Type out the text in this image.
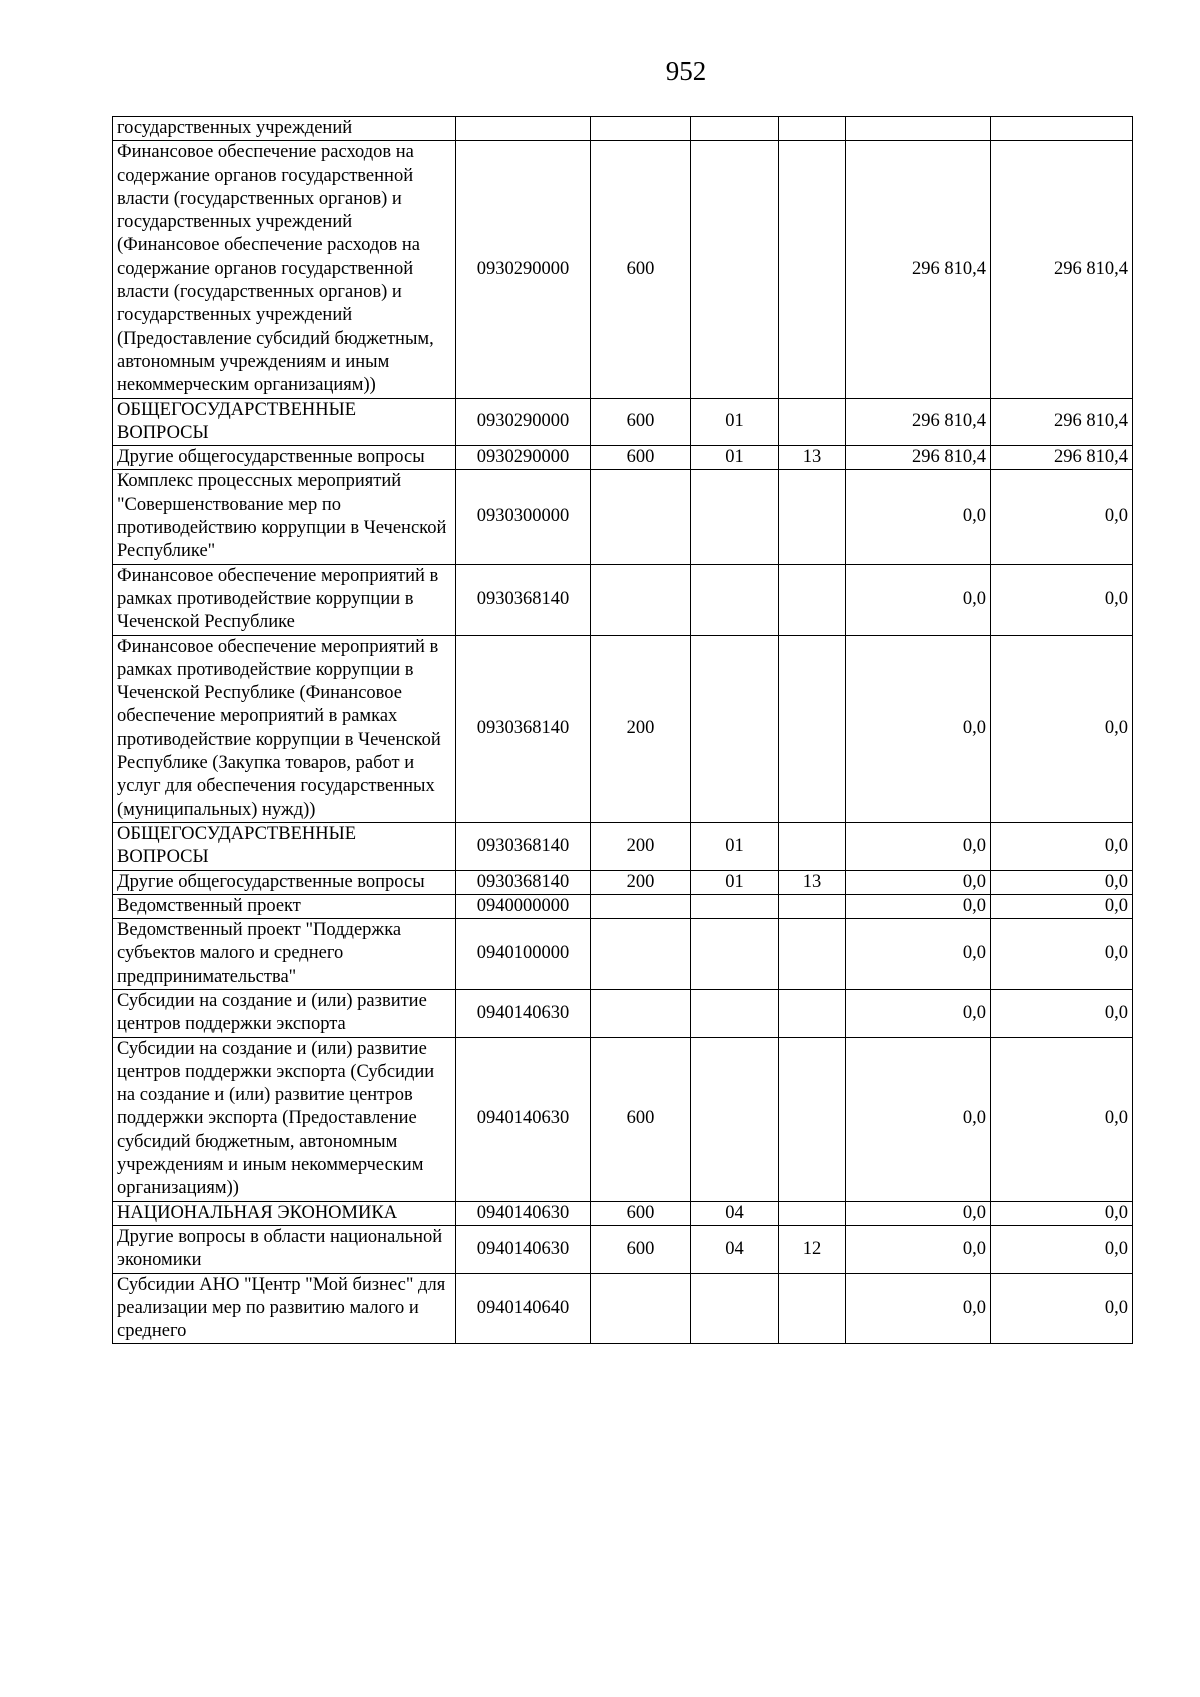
952
государственных учреждений						
Финансовое обеспечение расходов на содержание органов государственной власти (государственных органов) и государственных учреждений (Финансовое обеспечение расходов на содержание органов государственной власти (государственных органов) и государственных учреждений (Предоставление субсидий бюджетным, автономным учреждениям и иным некоммерческим организациям))	0930290000	600			296 810,4	296 810,4
ОБЩЕГОСУДАРСТВЕННЫЕ ВОПРОСЫ	0930290000	600	01		296 810,4	296 810,4
Другие общегосударственные вопросы	0930290000	600	01	13	296 810,4	296 810,4
Комплекс процессных мероприятий "Совершенствование мер по противодействию коррупции в Чеченской Республике"	0930300000				0,0	0,0
Финансовое обеспечение мероприятий в рамках противодействие коррупции в Чеченской Республике	0930368140				0,0	0,0
Финансовое обеспечение мероприятий в рамках противодействие коррупции в Чеченской Республике (Финансовое обеспечение мероприятий в рамках противодействие коррупции в Чеченской Республике (Закупка товаров, работ и услуг для обеспечения государственных (муниципальных) нужд))	0930368140	200			0,0	0,0
ОБЩЕГОСУДАРСТВЕННЫЕ ВОПРОСЫ	0930368140	200	01		0,0	0,0
Другие общегосударственные вопросы	0930368140	200	01	13	0,0	0,0
Ведомственный проект	0940000000				0,0	0,0
Ведомственный проект "Поддержка субъектов малого и среднего предпринимательства"	0940100000				0,0	0,0
Субсидии на создание и (или) развитие центров поддержки экспорта	0940140630				0,0	0,0
Субсидии на создание и (или) развитие центров поддержки экспорта (Субсидии на создание и (или) развитие центров поддержки экспорта (Предоставление субсидий бюджетным, автономным учреждениям и иным некоммерческим организациям))	0940140630	600			0,0	0,0
НАЦИОНАЛЬНАЯ ЭКОНОМИКА	0940140630	600	04		0,0	0,0
Другие вопросы в области национальной экономики	0940140630	600	04	12	0,0	0,0
Субсидии АНО "Центр "Мой бизнес" для реализации мер по развитию малого и среднего	0940140640				0,0	0,0
